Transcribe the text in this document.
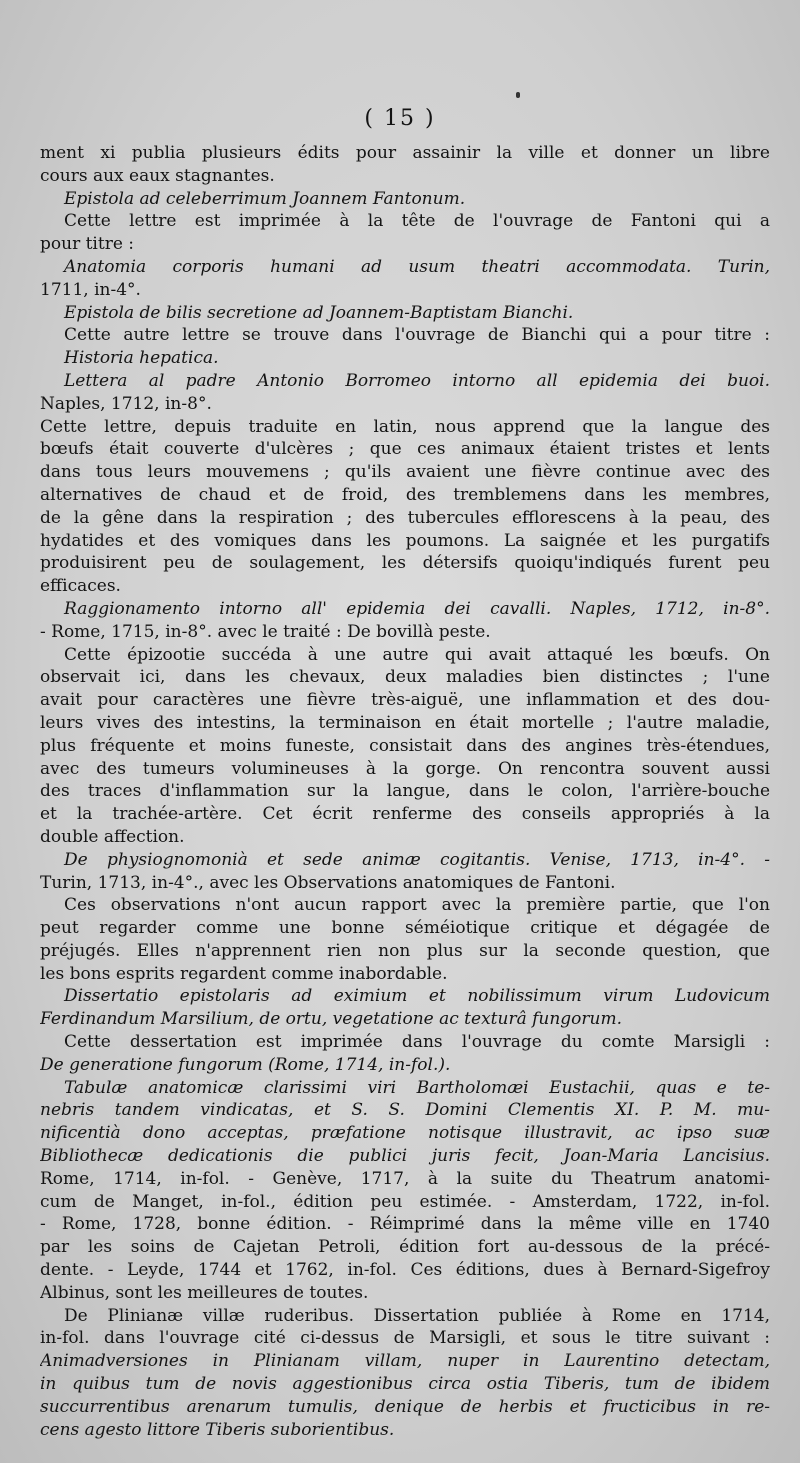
( 15 )
ment xi publia plusieurs édits pour assainir la ville et donner un libre
cours aux eaux stagnantes.
Epistola ad celeberrimum Joannem Fantonum.
Cette lettre est imprimée à la tête de l'ouvrage de Fantoni qui a
pour titre :
Anatomia corporis humani ad usum theatri accommodata. Turin,
1711, in-4°.
Epistola de bilis secretione ad Joannem-Baptistam Bianchi.
Cette autre lettre se trouve dans l'ouvrage de Bianchi qui a pour titre :
Historia hepatica.
Lettera al padre Antonio Borromeo intorno all epidemia dei buoi.
Naples, 1712, in-8°.
Cette lettre, depuis traduite en latin, nous apprend que la langue des
bœufs était couverte d'ulcères ; que ces animaux étaient tristes et lents
dans tous leurs mouvemens ; qu'ils avaient une fièvre continue avec des
alternatives de chaud et de froid, des tremblemens dans les membres,
de la gêne dans la respiration ; des tubercules efflorescens à la peau, des
hydatides et des vomiques dans les poumons. La saignée et les purgatifs
produisirent peu de soulagement, les détersifs quoiqu'indiqués furent peu
efficaces.
Raggionamento intorno all' epidemia dei cavalli. Naples, 1712, in-8°.
- Rome, 1715, in-8°. avec le traité : De bovillà peste.
Cette épizootie succéda à une autre qui avait attaqué les bœufs. On
observait ici, dans les chevaux, deux maladies bien distinctes ; l'une
avait pour caractères une fièvre très-aiguë, une inflammation et des dou-
leurs vives des intestins, la terminaison en était mortelle ; l'autre maladie,
plus fréquente et moins funeste, consistait dans des angines très-étendues,
avec des tumeurs volumineuses à la gorge. On rencontra souvent aussi
des traces d'inflammation sur la langue, dans le colon, l'arrière-bouche
et la trachée-artère. Cet écrit renferme des conseils appropriés à la
double affection.
De physiognomonià et sede animæ cogitantis. Venise, 1713, in-4°. -
Turin, 1713, in-4°., avec les Observations anatomiques de Fantoni.
Ces observations n'ont aucun rapport avec la première partie, que l'on
peut regarder comme une bonne séméiotique critique et dégagée de
préjugés. Elles n'apprennent rien non plus sur la seconde question, que
les bons esprits regardent comme inabordable.
Dissertatio epistolaris ad eximium et nobilissimum virum Ludovicum
Ferdinandum Marsilium, de ortu, vegetatione ac texturâ fungorum.
Cette dessertation est imprimée dans l'ouvrage du comte Marsigli :
De generatione fungorum (Rome, 1714, in-fol.).
Tabulæ anatomicæ clarissimi viri Bartholomæi Eustachii, quas e te-
nebris tandem vindicatas, et S. S. Domini Clementis XI. P. M. mu-
nificentià dono acceptas, præfatione notisque illustravit, ac ipso suæ
Bibliothecæ dedicationis die publici juris fecit, Joan-Maria Lancisius.
Rome, 1714, in-fol. - Genève, 1717, à la suite du Theatrum anatomi-
cum de Manget, in-fol., édition peu estimée. - Amsterdam, 1722, in-fol.
- Rome, 1728, bonne édition. - Réimprimé dans la même ville en 1740
par les soins de Cajetan Petroli, édition fort au-dessous de la précé-
dente. - Leyde, 1744 et 1762, in-fol. Ces éditions, dues à Bernard-Sigefroy
Albinus, sont les meilleures de toutes.
De Plinianæ villæ ruderibus. Dissertation publiée à Rome en 1714,
in-fol. dans l'ouvrage cité ci-dessus de Marsigli, et sous le titre suivant :
Animadversiones in Plinianam villam, nuper in Laurentino detectam,
in quibus tum de novis aggestionibus circa ostia Tiberis, tum de ibidem
succurrentibus arenarum tumulis, denique de herbis et fructicibus in re-
cens agesto littore Tiberis suborientibus.
